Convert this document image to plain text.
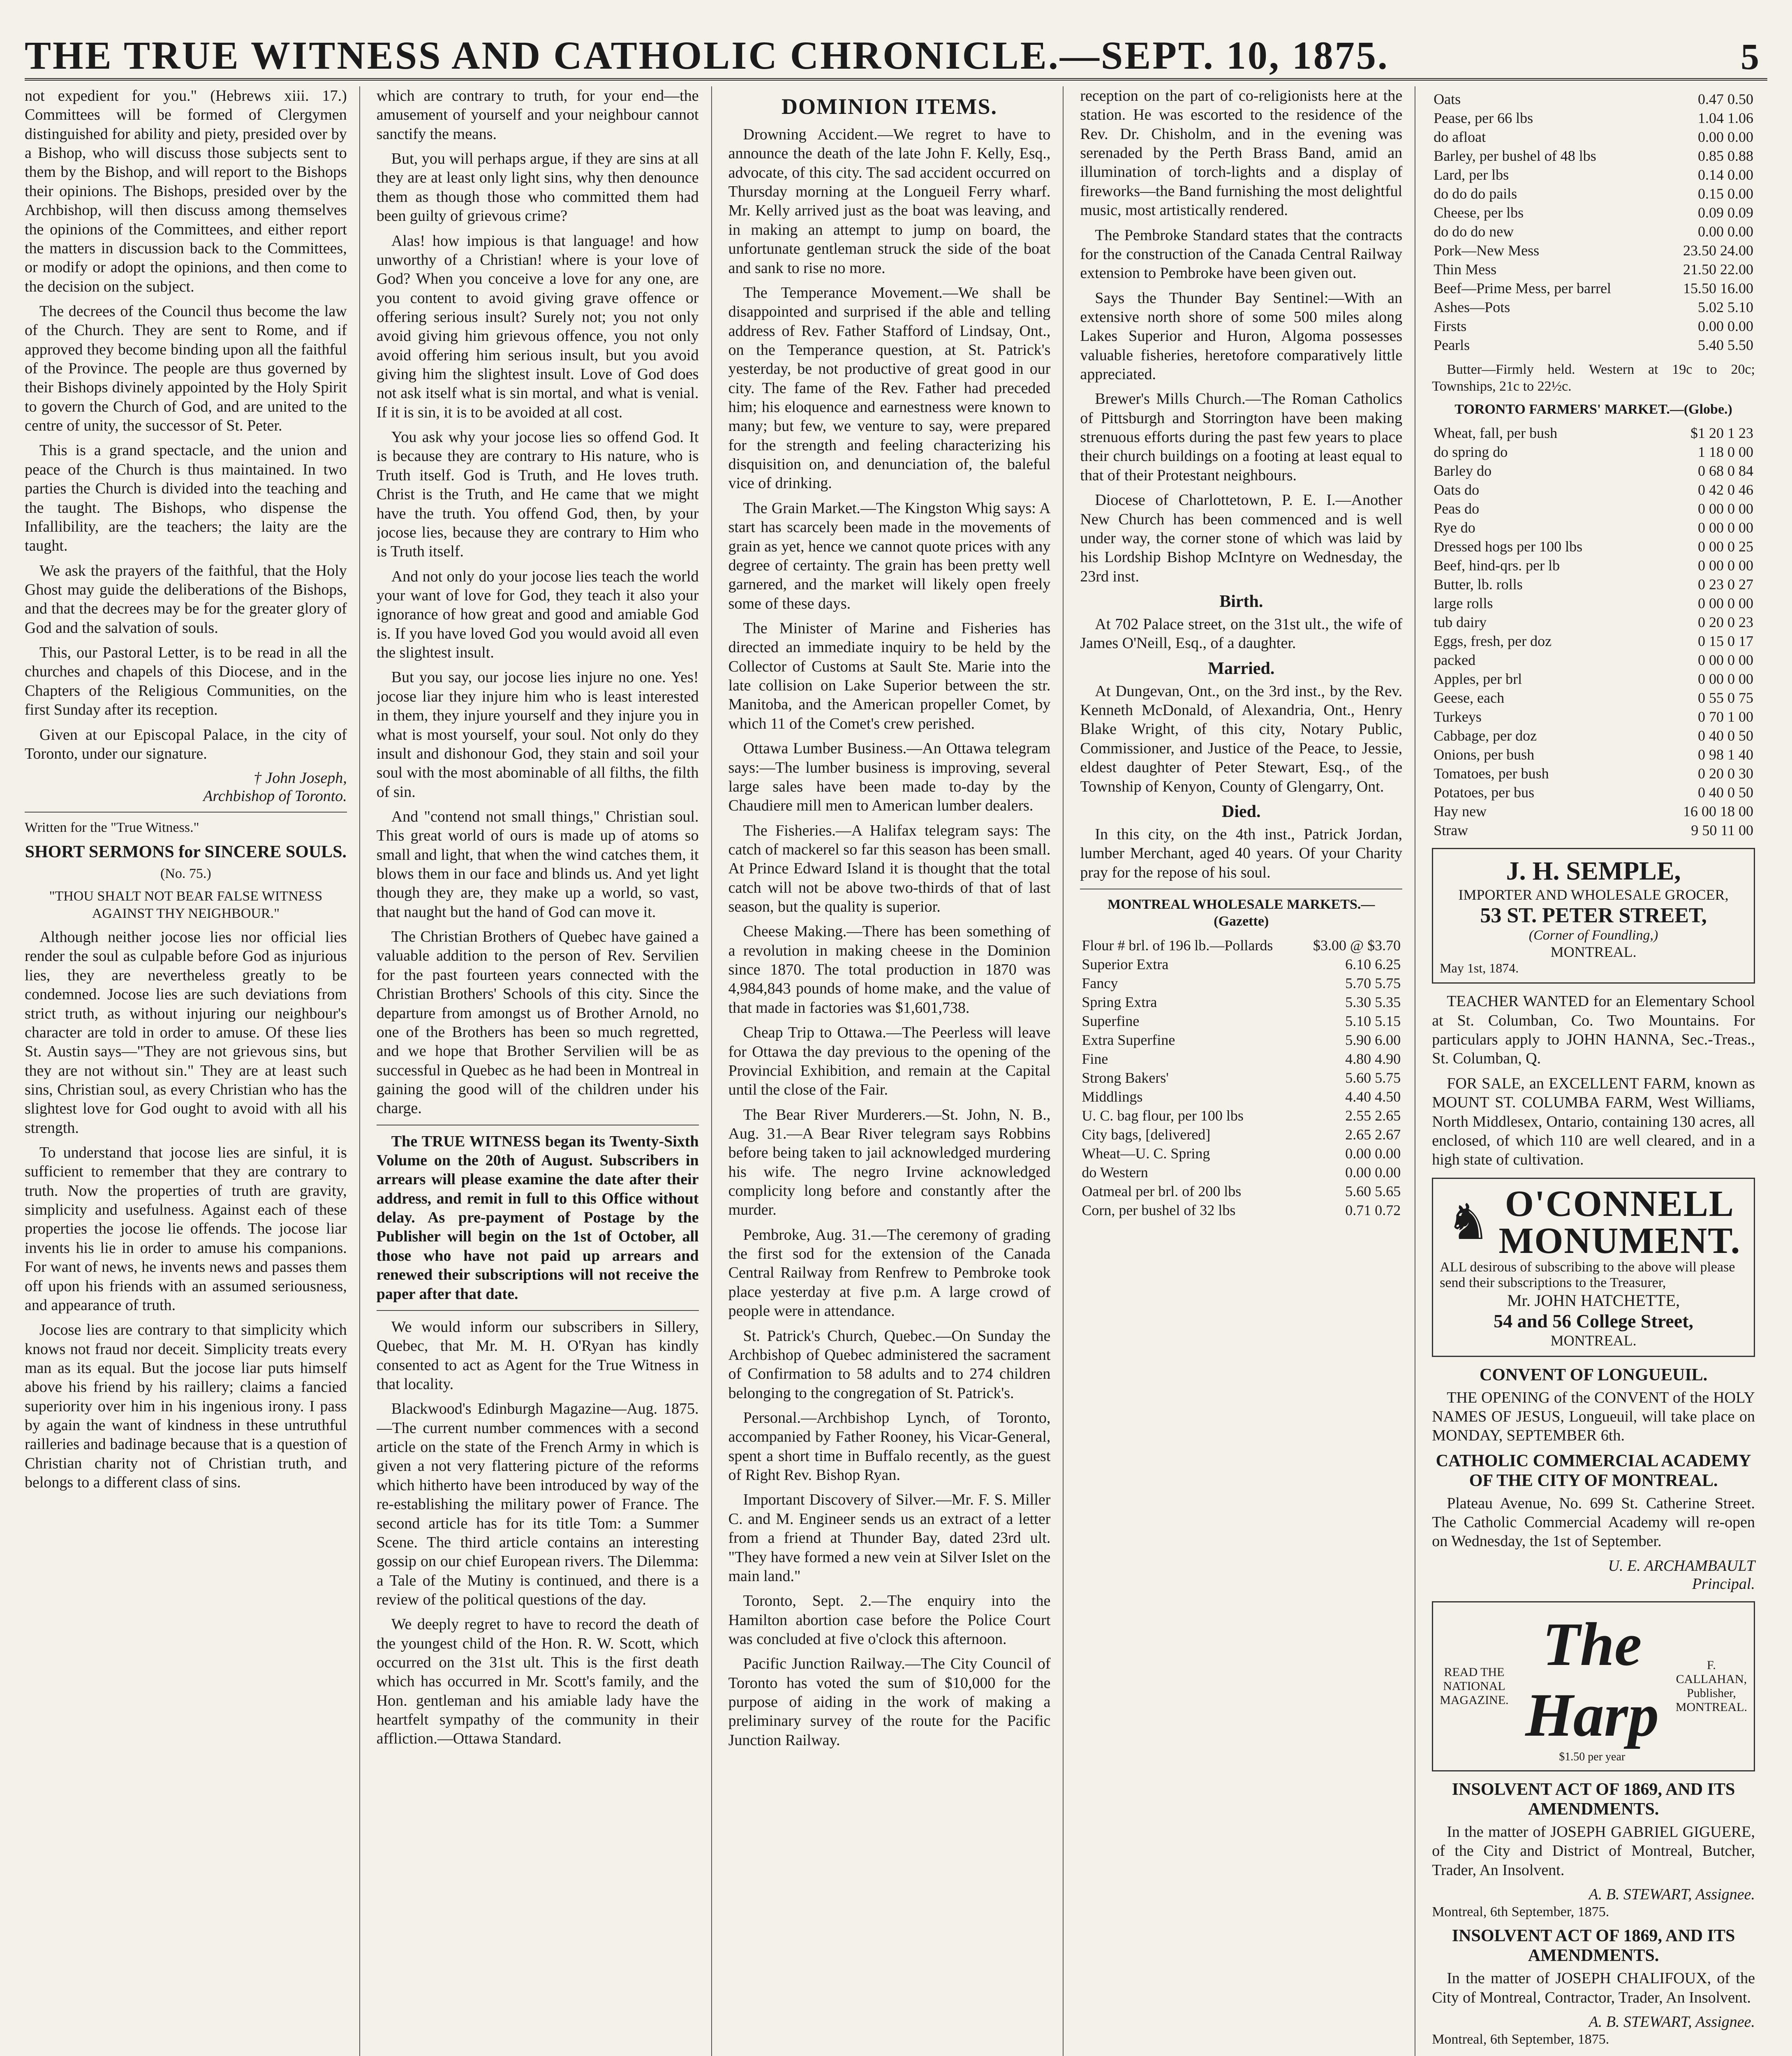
THE TRUE WITNESS AND CATHOLIC CHRONICLE.—SEPT. 10, 1875.	5

not expedient for you." (Hebrews xiii. 17.) Committees will be formed of Clergymen distinguished for ability and piety, presided over by a Bishop, who will discuss those subjects sent to them by the Bishop, and will report to the Bishops their opinions. The Bishops, presided over by the Archbishop, will then discuss among themselves the opinions of the Committees, and either report the matters in discussion back to the Committees, or modify or adopt the opinions, and then come to the decision on the subject.

The decrees of the Council thus become the law of the Church. They are sent to Rome, and if approved they become binding upon all the faithful of the Province. The people are thus governed by their Bishops divinely appointed by the Holy Spirit to govern the Church of God, and are united to the centre of unity, the successor of St. Peter.

This is a grand spectacle, and the union and peace of the Church is thus maintained. In two parties the Church is divided into the teaching and the taught. The Bishops, who dispense the Infallibility, are the teachers; the laity are the taught.

We ask the prayers of the faithful, that the Holy Ghost may guide the deliberations of the Bishops, and that the decrees may be for the greater glory of God and the salvation of souls.

This, our Pastoral Letter, is to be read in all the churches and chapels of this Diocese, and in the Chapters of the Religious Communities, on the first Sunday after its reception.

Given at our Episcopal Palace, in the city of Toronto, under our signature.

† John Joseph,
Archbishop of Toronto.

Written for the "True Witness."

SHORT SERMONS for SINCERE SOULS.

(No. 75.)

"THOU SHALT NOT BEAR FALSE WITNESS AGAINST THY NEIGHBOUR."

Although neither jocose lies nor official lies render the soul as culpable before God as injurious lies, they are nevertheless greatly to be condemned. Jocose lies are such deviations from strict truth, as without injuring our neighbour's character are told in order to amuse. Of these lies St. Austin says—"They are not grievous sins, but they are not without sin." They are at least such sins, Christian soul, as every Christian who has the slightest love for God ought to avoid with all his strength.

To understand that jocose lies are sinful, it is sufficient to remember that they are contrary to truth. Now the properties of truth are gravity, simplicity and usefulness. Against each of these properties the jocose lie offends. The jocose liar invents his lie in order to amuse his companions. For want of news, he invents news and passes them off upon his friends with an assumed seriousness, and appearance of truth.

Jocose lies are contrary to that simplicity which knows not fraud nor deceit. Simplicity treats every man as its equal. But the jocose liar puts himself above his friend by his raillery; claims a fancied superiority over him in his ingenious irony. I pass by again the want of kindness in these untruthful railleries and badinage because that is a question of Christian charity not of Christian truth, and belongs to a different class of sins.

which are contrary to truth, for your end—the amusement of yourself and your neighbour cannot sanctify the means.

But, you will perhaps argue, if they are sins at all they are at least only light sins, why then denounce them as though those who committed them had been guilty of grievous crime?

Alas! how impious is that language! and how unworthy of a Christian! where is your love of God? When you conceive a love for any one, are you content to avoid giving grave offence or offering serious insult? Surely not; you not only avoid giving him grievous offence, you not only avoid offering him serious insult, but you avoid giving him the slightest insult. Love of God does not ask itself what is sin mortal, and what is venial. If it is sin, it is to be avoided at all cost.

You ask why your jocose lies so offend God. It is because they are contrary to His nature, who is Truth itself. God is Truth, and He loves truth. Christ is the Truth, and He came that we might have the truth. You offend God, then, by your jocose lies, because they are contrary to Him who is Truth itself.

And not only do your jocose lies teach the world your want of love for God, they teach it also your ignorance of how great and good and amiable God is. If you have loved God you would avoid all even the slightest insult.

But you say, our jocose lies injure no one. Yes! jocose liar they injure him who is least interested in them, they injure yourself and they injure you in what is most yourself, your soul. Not only do they insult and dishonour God, they stain and soil your soul with the most abominable of all filths, the filth of sin.

And "contend not small things," Christian soul. This great world of ours is made up of atoms so small and light, that when the wind catches them, it blows them in our face and blinds us. And yet light though they are, they make up a world, so vast, that naught but the hand of God can move it.

The Christian Brothers of Quebec have gained a valuable addition to the person of Rev. Servilien for the past fourteen years connected with the Christian Brothers' Schools of this city. Since the departure from amongst us of Brother Arnold, no one of the Brothers has been so much regretted, and we hope that Brother Servilien will be as successful in Quebec as he had been in Montreal in gaining the good will of the children under his charge.

The TRUE WITNESS began its Twenty-Sixth Volume on the 20th of August. Subscribers in arrears will please examine the date after their address, and remit in full to this Office without delay. As pre-payment of Postage by the Publisher will begin on the 1st of October, all those who have not paid up arrears and renewed their subscriptions will not receive the paper after that date.

We would inform our subscribers in Sillery, Quebec, that Mr. M. H. O'Ryan has kindly consented to act as Agent for the True Witness in that locality.

Blackwood's Edinburgh Magazine—Aug. 1875.—The current number commences with a second article on the state of the French Army in which is given a not very flattering picture of the reforms which hitherto have been introduced by way of the re-establishing the military power of France. The second article has for its title Tom: a Summer Scene. The third article contains an interesting gossip on our chief European rivers. The Dilemma: a Tale of the Mutiny is continued, and there is a review of the political questions of the day.

We deeply regret to have to record the death of the youngest child of the Hon. R. W. Scott, which occurred on the 31st ult. This is the first death which has occurred in Mr. Scott's family, and the Hon. gentleman and his amiable lady have the heartfelt sympathy of the community in their affliction.—Ottawa Standard.

DOMINION ITEMS.

Drowning Accident.—We regret to have to announce the death of the late John F. Kelly, Esq., advocate, of this city. The sad accident occurred on Thursday morning at the Longueil Ferry wharf. Mr. Kelly arrived just as the boat was leaving, and in making an attempt to jump on board, the unfortunate gentleman struck the side of the boat and sank to rise no more.

The Temperance Movement.—We shall be disappointed and surprised if the able and telling address of Rev. Father Stafford of Lindsay, Ont., on the Temperance question, at St. Patrick's yesterday, be not productive of great good in our city. The fame of the Rev. Father had preceded him; his eloquence and earnestness were known to many; but few, we venture to say, were prepared for the strength and feeling characterizing his disquisition on, and denunciation of, the baleful vice of drinking.

The Grain Market.—The Kingston Whig says: A start has scarcely been made in the movements of grain as yet, hence we cannot quote prices with any degree of certainty. The grain has been pretty well garnered, and the market will likely open freely some of these days.

The Minister of Marine and Fisheries has directed an immediate inquiry to be held by the Collector of Customs at Sault Ste. Marie into the late collision on Lake Superior between the str. Manitoba, and the American propeller Comet, by which 11 of the Comet's crew perished.

Ottawa Lumber Business.—An Ottawa telegram says:—The lumber business is improving, several large sales have been made to-day by the Chaudiere mill men to American lumber dealers.

The Fisheries.—A Halifax telegram says: The catch of mackerel so far this season has been small. At Prince Edward Island it is thought that the total catch will not be above two-thirds of that of last season, but the quality is superior.

Cheese Making.—There has been something of a revolution in making cheese in the Dominion since 1870. The total production in 1870 was 4,984,843 pounds of home make, and the value of that made in factories was $1,601,738.

Cheap Trip to Ottawa.—The Peerless will leave for Ottawa the day previous to the opening of the Provincial Exhibition, and remain at the Capital until the close of the Fair.

The Bear River Murderers.—St. John, N. B., Aug. 31.—A Bear River telegram says Robbins before being taken to jail acknowledged murdering his wife. The negro Irvine acknowledged complicity long before and constantly after the murder.

Pembroke, Aug. 31.—The ceremony of grading the first sod for the extension of the Canada Central Railway from Renfrew to Pembroke took place yesterday at five p.m. A large crowd of people were in attendance.

St. Patrick's Church, Quebec.—On Sunday the Archbishop of Quebec administered the sacrament of Confirmation to 58 adults and to 274 children belonging to the congregation of St. Patrick's.

Personal.—Archbishop Lynch, of Toronto, accompanied by Father Rooney, his Vicar-General, spent a short time in Buffalo recently, as the guest of Right Rev. Bishop Ryan.

Important Discovery of Silver.—Mr. F. S. Miller C. and M. Engineer sends us an extract of a letter from a friend at Thunder Bay, dated 23rd ult. "They have formed a new vein at Silver Islet on the main land."

Toronto, Sept. 2.—The enquiry into the Hamilton abortion case before the Police Court was concluded at five o'clock this afternoon.

Pacific Junction Railway.—The City Council of Toronto has voted the sum of $10,000 for the purpose of aiding in the work of making a preliminary survey of the route for the Pacific Junction Railway.

reception on the part of co-religionists here at the station. He was escorted to the residence of the Rev. Dr. Chisholm, and in the evening was serenaded by the Perth Brass Band, amid an illumination of torch-lights and a display of fireworks—the Band furnishing the most delightful music, most artistically rendered.

The Pembroke Standard states that the contracts for the construction of the Canada Central Railway extension to Pembroke have been given out.

Says the Thunder Bay Sentinel:—With an extensive north shore of some 500 miles along Lakes Superior and Huron, Algoma possesses valuable fisheries, heretofore comparatively little appreciated.

Brewer's Mills Church.—The Roman Catholics of Pittsburgh and Storrington have been making strenuous efforts during the past few years to place their church buildings on a footing at least equal to that of their Protestant neighbours.

Diocese of Charlottetown, P. E. I.—Another New Church has been commenced and is well under way, the corner stone of which was laid by his Lordship Bishop McIntyre on Wednesday, the 23rd inst.

Birth.

At 702 Palace street, on the 31st ult., the wife of James O'Neill, Esq., of a daughter.

Married.

At Dungevan, Ont., on the 3rd inst., by the Rev. Kenneth McDonald, of Alexandria, Ont., Henry Blake Wright, of this city, Notary Public, Commissioner, and Justice of the Peace, to Jessie, eldest daughter of Peter Stewart, Esq., of the Township of Kenyon, County of Glengarry, Ont.

Died.

In this city, on the 4th inst., Patrick Jordan, lumber Merchant, aged 40 years. Of your Charity pray for the repose of his soul.

MONTREAL WHOLESALE MARKETS.—(Gazette)

Flour # brl. of 196 lb.—Pollards	$3.00 @ $3.70
Superior Extra	6.10 6.25
Fancy	5.70 5.75
Spring Extra	5.30 5.35
Superfine	5.10 5.15
Extra Superfine	5.90 6.00
Fine	4.80 4.90
Strong Bakers'	5.60 5.75
Middlings	4.40 4.50
U. C. bag flour, per 100 lbs	2.55 2.65
City bags, [delivered]	2.65 2.67
Wheat—U. C. Spring	0.00 0.00
do Western	0.00 0.00
Oatmeal per brl. of 200 lbs	5.60 5.65
Corn, per bushel of 32 lbs	0.71 0.72
Oats	0.47 0.50
Pease, per 66 lbs	1.04 1.06
do afloat	0.00 0.00
Barley, per bushel of 48 lbs	0.85 0.88
Lard, per lbs	0.14 0.00
do do do pails	0.15 0.00
Cheese, per lbs	0.09 0.09
do do do new	0.00 0.00
Pork—New Mess	23.50 24.00
Thin Mess	21.50 22.00
Beef—Prime Mess, per barrel	15.50 16.00
Ashes—Pots	5.02 5.10
Firsts	0.00 0.00
Pearls	5.40 5.50

Butter—Firmly held. Western at 19c to 20c; Townships, 21c to 22½c.

TORONTO FARMERS' MARKET.—(Globe.)

Wheat, fall, per bush	$1 20 1 23
do spring do	1 18 0 00
Barley do	0 68 0 84
Oats do	0 42 0 46
Peas do	0 00 0 00
Rye do	0 00 0 00
Dressed hogs per 100 lbs	0 00 0 25
Beef, hind-qrs. per lb	0 00 0 00
Butter, lb. rolls	0 23 0 27
large rolls	0 00 0 00
tub dairy	0 20 0 23
Eggs, fresh, per doz	0 15 0 17
packed	0 00 0 00
Apples, per brl	0 00 0 00
Geese, each	0 55 0 75
Turkeys	0 70 1 00
Cabbage, per doz	0 40 0 50
Onions, per bush	0 98 1 40
Tomatoes, per bush	0 20 0 30
Potatoes, per bus	0 40 0 50
Hay new	16 00 18 00
Straw	9 50 11 00
J. H. SEMPLE,
IMPORTER AND WHOLESALE GROCER,
53 ST. PETER STREET,
(Corner of Foundling,)
MONTREAL.
May 1st, 1874.

TEACHER WANTED for an Elementary School at St. Columban, Co. Two Mountains. For particulars apply to JOHN HANNA, Sec.-Treas., St. Columban, Q.

FOR SALE, an EXCELLENT FARM, known as MOUNT ST. COLUMBA FARM, West Williams, North Middlesex, Ontario, containing 130 acres, all enclosed, of which 110 are well cleared, and in a high state of cultivation.

♞ O'CONNELL
MONUMENT.
ALL desirous of subscribing to the above will please send their subscriptions to the Treasurer,
Mr. JOHN HATCHETTE,
54 and 56 College Street,
MONTREAL.
CONVENT OF LONGUEUIL.

THE OPENING of the CONVENT of the HOLY NAMES OF JESUS, Longueuil, will take place on MONDAY, SEPTEMBER 6th.

CATHOLIC COMMERCIAL ACADEMY OF THE CITY OF MONTREAL.

Plateau Avenue, No. 699 St. Catherine Street. The Catholic Commercial Academy will re-open on Wednesday, the 1st of September.

U. E. ARCHAMBAULT
Principal.
READ THE NATIONAL MAGAZINE.
The Harp
$1.50 per year
F. CALLAHAN, Publisher, MONTREAL.
INSOLVENT ACT OF 1869, AND ITS AMENDMENTS.

In the matter of JOSEPH GABRIEL GIGUERE, of the City and District of Montreal, Butcher, Trader, An Insolvent.

A. B. STEWART, Assignee.

Montreal, 6th September, 1875.

INSOLVENT ACT OF 1869, AND ITS AMENDMENTS.

In the matter of JOSEPH CHALIFOUX, of the City of Montreal, Contractor, Trader, An Insolvent.

A. B. STEWART, Assignee.

Montreal, 6th September, 1875.
